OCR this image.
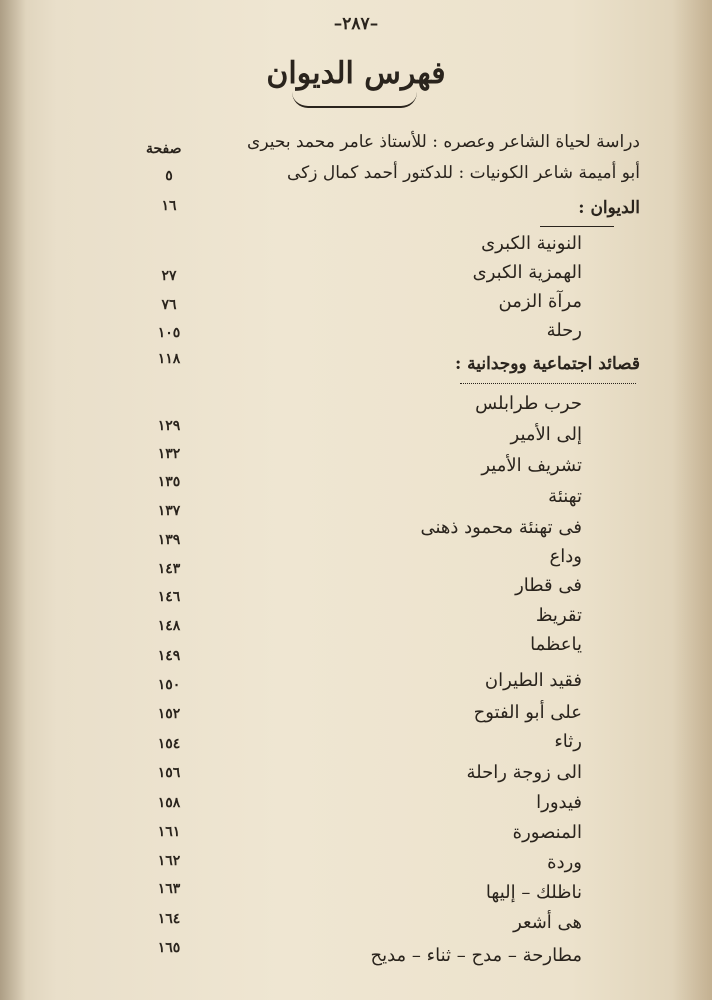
–٢٨٧–
فهرس الديوان
صفحة	دراسة لحياة الشاعر وعصره : للأستاذ عامر محمد بحيرى
أبو أميمة شاعر الكونيات : للدكتور أحمد كمال زكى
٥
الديوان :
١٦
النونية الكبرى
الهمزية الكبرى
٢٧
مرآة الزمن
٧٦
رحلة
١٠٥
قصائد اجتماعية ووجدانية :
١١٨
حرب طرابلس
إلى الأمير
١٢٩
تشريف الأمير
١٣٢
تهنئة
١٣٥
فى تهنئة محمود ذهنى
١٣٧
وداع
١٣٩
فى قطار
١٤٣
تقريظ
١٤٦
ياعظما
١٤٨
فقيد الطيران
١٤٩
على أبو الفتوح
١٥٠
رثاء
١٥٢
الى زوجة راحلة
١٥٤
فيدورا
١٥٦
المنصورة
١٥٨
وردة
١٦١
ناظلك – إليها
١٦٢
هى أشعر
١٦٣
مطارحة – مدح – ثناء – مديح
١٦٤
١٦٥
